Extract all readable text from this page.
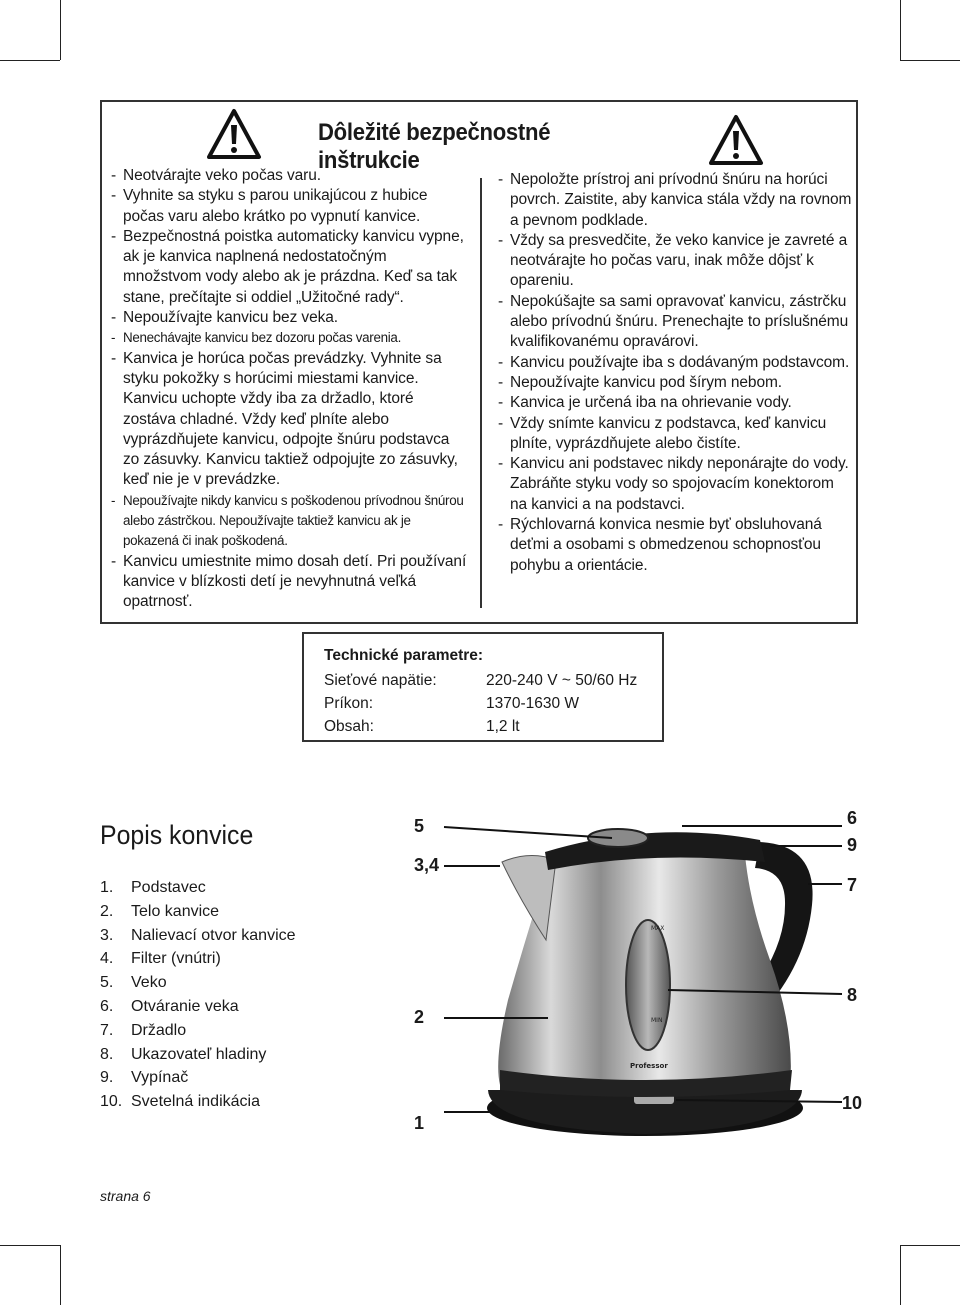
Dôležité bezpečnostné inštrukcie
- Neotvárajte veko počas varu.
- Vyhnite sa styku s parou unikajúcou z hubice počas varu alebo krátko po vypnutí kanvice.
- Bezpečnostná poistka automaticky kanvicu vypne, ak je kanvica naplnená nedostatočným množstvom vody alebo ak je prázdna. Keď sa tak stane, prečítajte si oddiel „Užitočné rady“.
- Nepoužívajte kanvicu bez veka.
- Nenechávajte kanvicu bez dozoru počas varenia.
- Kanvica je horúca počas prevádzky. Vyhnite sa styku pokožky s horúcimi miestami kanvice. Kanvicu uchopte vždy iba za držadlo, ktoré zostáva chladné. Vždy keď plníte alebo vyprázdňujete kanvicu, odpojte šnúru podstavca zo zásuvky. Kanvicu taktiež odpojujte zo zásuvky, keď nie je v prevádzke.
- Nepoužívajte nikdy kanvicu s poškodenou prívodnou šnúrou alebo zástrčkou. Nepoužívajte taktiež kanvicu ak je pokazená či inak poškodená.
- Kanvicu umiestnite mimo dosah detí. Pri používaní kanvice v blízkosti detí je nevyhnutná veľká opatrnosť.
- Nepoložte prístroj ani prívodnú šnúru na horúci povrch. Zaistite, aby kanvica stála vždy na rovnom a pevnom podklade.
- Vždy sa presvedčite, že veko kanvice je zavreté a neotvárajte ho počas varu, inak môže dôjsť k opareniu.
- Nepokúšajte sa sami opravovať kanvicu, zástrčku alebo prívodnú šnúru. Prenechajte to príslušnému kvalifikovanému opravárovi.
- Kanvicu používajte iba s dodávaným podstavcom.
- Nepoužívajte kanvicu pod šírym nebom.
- Kanvica je určená iba na ohrievanie vody.
- Vždy snímte kanvicu z podstavca, keď kanvicu plníte, vyprázdňujete alebo čistíte.
- Kanvicu ani podstavec nikdy neponárajte do vody. Zabráňte styku vody so spojovacím konektorom na kanvici a na podstavci.
- Rýchlovarná konvica nesmie byť obsluhovaná deťmi a osobami s obmedzenou schopnosťou pohybu a orientácie.
Technické parametre:
Sieťové napätie:	220-240 V ~ 50/60 Hz
Príkon:	1370-1630 W
Obsah:	1,2 lt
Popis konvice
1. Podstavec
2. Telo kanvice
3. Nalievací otvor kanvice
4. Filter (vnútri)
5. Veko
6. Otváranie veka
7. Držadlo
8. Ukazovateľ hladiny
9. Vypínač
10. Svetelná indikácia
MAX
MIN
Professor
5
3,4
2
1
6
9
7
8
10
strana 6
